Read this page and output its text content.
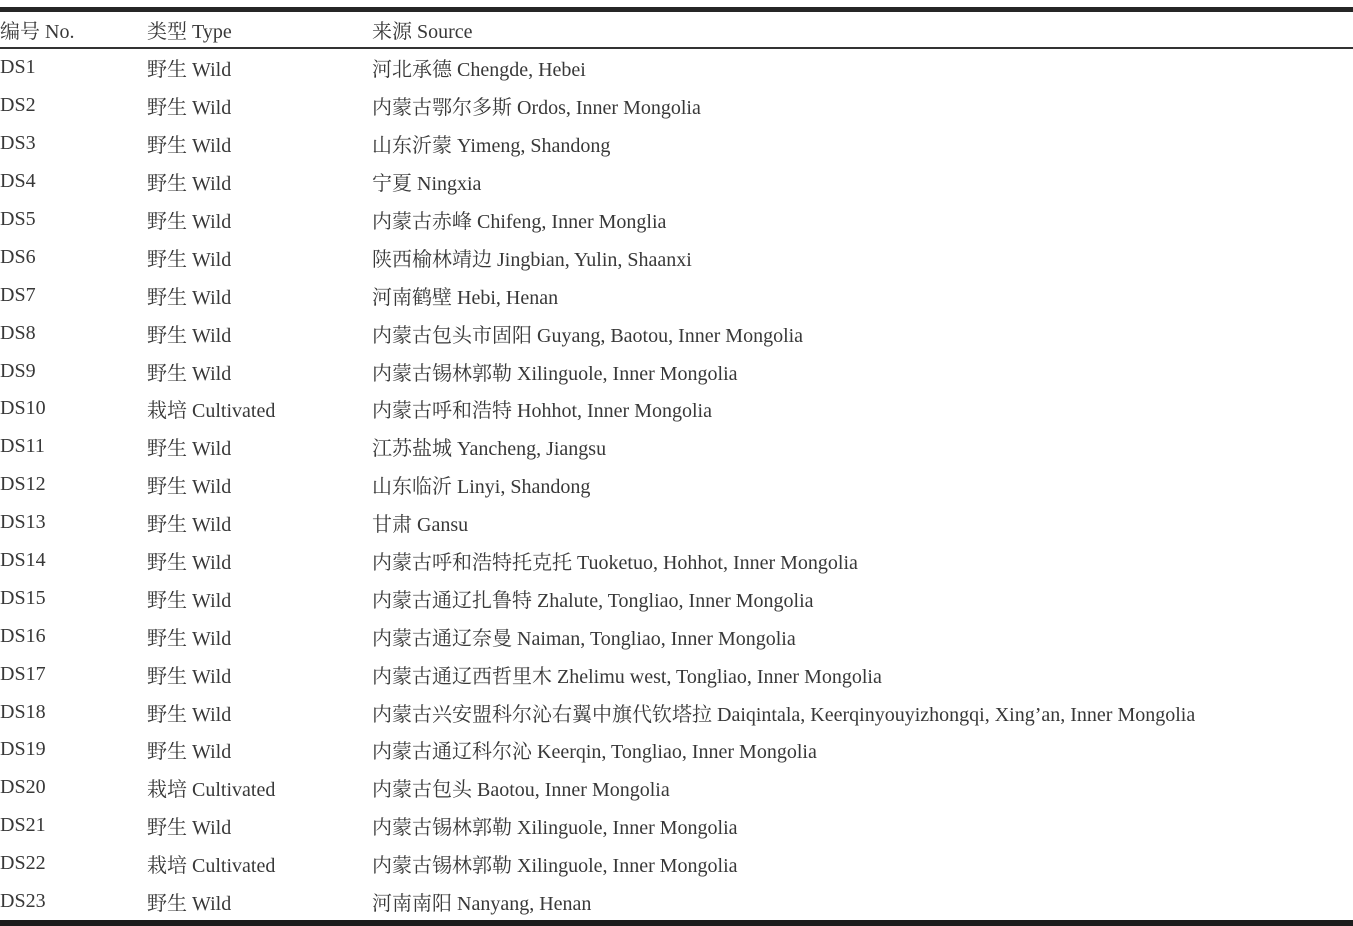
编号 No.	类型 Type	来源 Source
DS1	野生 Wild	河北承德 Chengde, Hebei
DS2	野生 Wild	内蒙古鄂尔多斯 Ordos, Inner Mongolia
DS3	野生 Wild	山东沂蒙 Yimeng, Shandong
DS4	野生 Wild	宁夏 Ningxia
DS5	野生 Wild	内蒙古赤峰 Chifeng, Inner Monglia
DS6	野生 Wild	陕西榆林靖边 Jingbian, Yulin, Shaanxi
DS7	野生 Wild	河南鹤壁 Hebi, Henan
DS8	野生 Wild	内蒙古包头市固阳 Guyang, Baotou, Inner Mongolia
DS9	野生 Wild	内蒙古锡林郭勒 Xilinguole, Inner Mongolia
DS10	栽培 Cultivated	内蒙古呼和浩特 Hohhot, Inner Mongolia
DS11	野生 Wild	江苏盐城 Yancheng, Jiangsu
DS12	野生 Wild	山东临沂 Linyi, Shandong
DS13	野生 Wild	甘肃 Gansu
DS14	野生 Wild	内蒙古呼和浩特托克托 Tuoketuo, Hohhot, Inner Mongolia
DS15	野生 Wild	内蒙古通辽扎鲁特 Zhalute, Tongliao, Inner Mongolia
DS16	野生 Wild	内蒙古通辽奈曼 Naiman, Tongliao, Inner Mongolia
DS17	野生 Wild	内蒙古通辽西哲里木 Zhelimu west, Tongliao, Inner Mongolia
DS18	野生 Wild	内蒙古兴安盟科尔沁右翼中旗代钦塔拉 Daiqintala, Keerqinyouyizhongqi, Xing’an, Inner Mongolia
DS19	野生 Wild	内蒙古通辽科尔沁 Keerqin, Tongliao, Inner Mongolia
DS20	栽培 Cultivated	内蒙古包头 Baotou, Inner Mongolia
DS21	野生 Wild	内蒙古锡林郭勒 Xilinguole, Inner Mongolia
DS22	栽培 Cultivated	内蒙古锡林郭勒 Xilinguole, Inner Mongolia
DS23	野生 Wild	河南南阳 Nanyang, Henan
